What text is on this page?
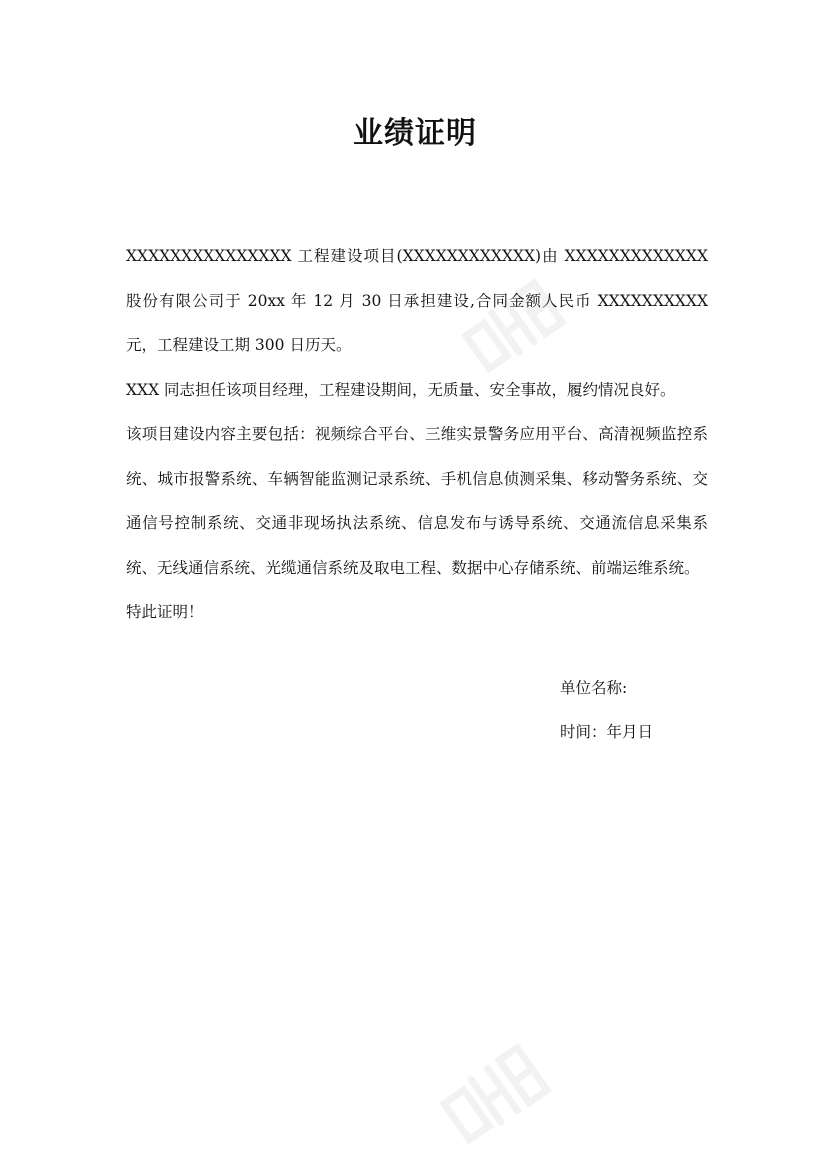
业绩证明

XXXXXXXXXXXXXXX 工程建设项目(XXXXXXXXXXXX)由 XXXXXXXXXXXXX 股份有限公司于 20xx 年 12 月 30 日承担建设,合同金额人民币 XXXXXXXXXX 元，工程建设工期 300 日历天。

XXX 同志担任该项目经理，工程建设期间，无质量、安全事故，履约情况良好。

该项目建设内容主要包括：视频综合平台、三维实景警务应用平台、高清视频监控系统、城市报警系统、车辆智能监测记录系统、手机信息侦测采集、移动警务系统、交通信号控制系统、交通非现场执法系统、信息发布与诱导系统、交通流信息采集系统、无线通信系统、光缆通信系统及取电工程、数据中心存储系统、前端运维系统。

特此证明！

单位名称:
时间：年月日
